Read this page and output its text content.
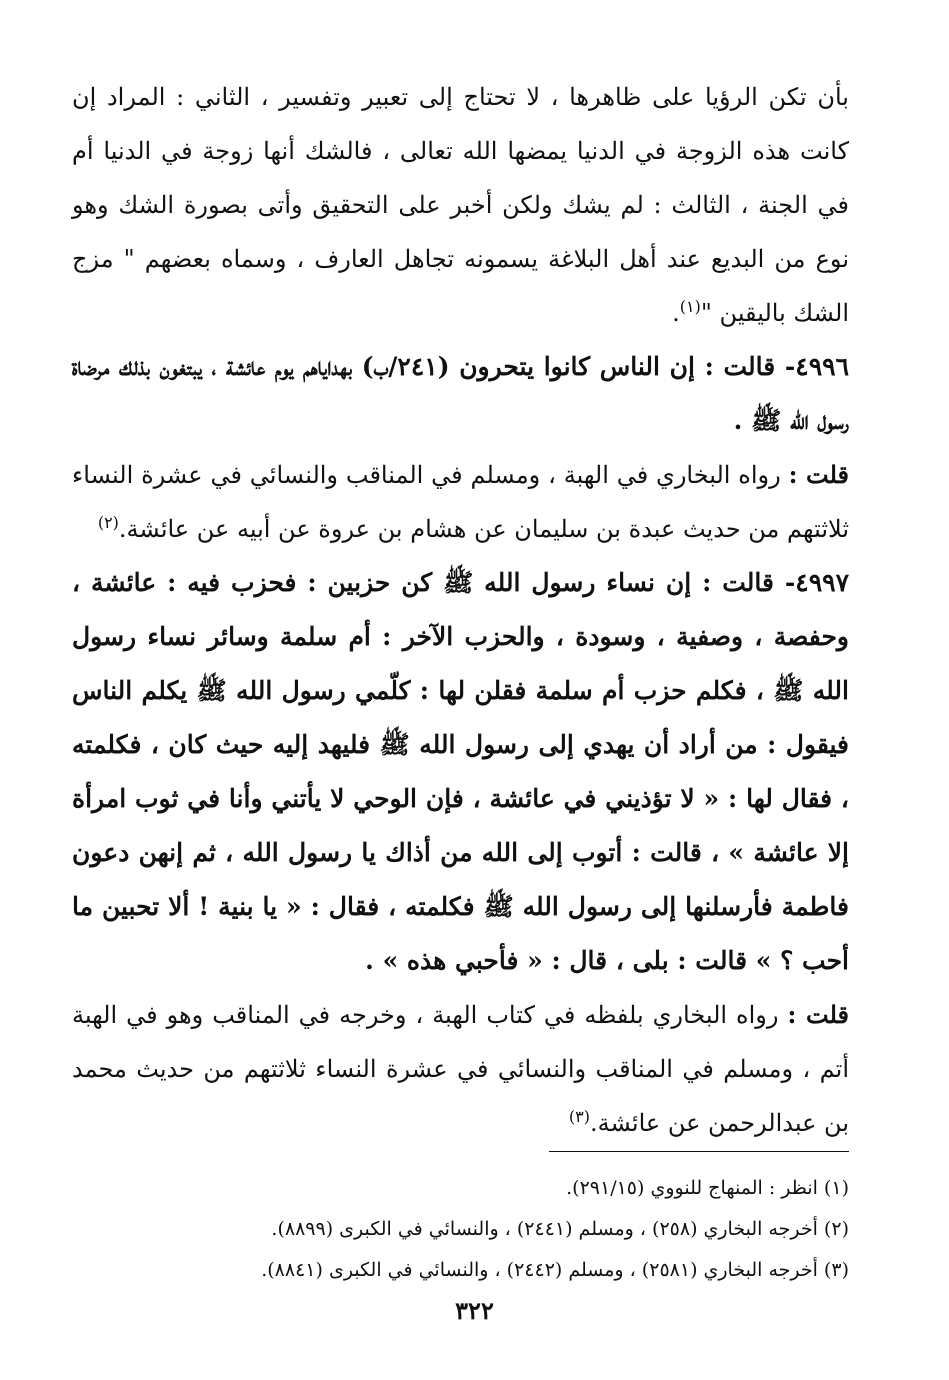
بأن تكن الرؤيا على ظاهرها ، لا تحتاج إلى تعبير وتفسير ، الثاني : المراد إن كانت هذه الزوجة في الدنيا يمضها الله تعالى ، فالشك أنها زوجة في الدنيا أم في الجنة ، الثالث : لم يشك ولكن أخبر على التحقيق وأتى بصورة الشك وهو نوع من البديع عند أهل البلاغة يسمونه تجاهل العارف ، وسماه بعضهم " مزج الشك باليقين "$^{(١)}$.

٤٩٩٦- قالت : إن الناس كانوا يتحرون (٢٤١/ب) بهداياهم يوم عائشة ، يبتغون بذلك مرضاة رسول الله ﷺ .

قلت : رواه البخاري في الهبة ، ومسلم في المناقب والنسائي في عشرة النساء ثلاثتهم من حديث عبدة بن سليمان عن هشام بن عروة عن أبيه عن عائشة.$^{(٢)}$

٤٩٩٧- قالت : إن نساء رسول الله ﷺ كن حزبين : فحزب فيه : عائشة ، وحفصة ، وصفية ، وسودة ، والحزب الآخر : أم سلمة وسائر نساء رسول الله ﷺ ، فكلم حزب أم سلمة فقلن لها : كلّمي رسول الله ﷺ يكلم الناس فيقول : من أراد أن يهدي إلى رسول الله ﷺ فليهد إليه حيث كان ، فكلمته ، فقال لها : « لا تؤذيني في عائشة ، فإن الوحي لا يأتني وأنا في ثوب امرأة إلا عائشة » ، قالت : أتوب إلى الله من أذاك يا رسول الله ، ثم إنهن دعون فاطمة فأرسلنها إلى رسول الله ﷺ فكلمته ، فقال : « يا بنية ! ألا تحبين ما أحب ؟ » قالت : بلى ، قال : « فأحبي هذه » .

قلت : رواه البخاري بلفظه في كتاب الهبة ، وخرجه في المناقب وهو في الهبة أتم ، ومسلم في المناقب والنسائي في عشرة النساء ثلاثتهم من حديث محمد بن عبدالرحمن عن عائشة.$^{(٣)}$

(١) انظر : المنهاج للنووي (٢٩١/١٥).

(٢) أخرجه البخاري (٢٥٨) ، ومسلم (٢٤٤١) ، والنسائي في الكبرى (٨٨٩٩).

(٣) أخرجه البخاري (٢٥٨١) ، ومسلم (٢٤٤٢) ، والنسائي في الكبرى (٨٨٤١).

٣٢٢
